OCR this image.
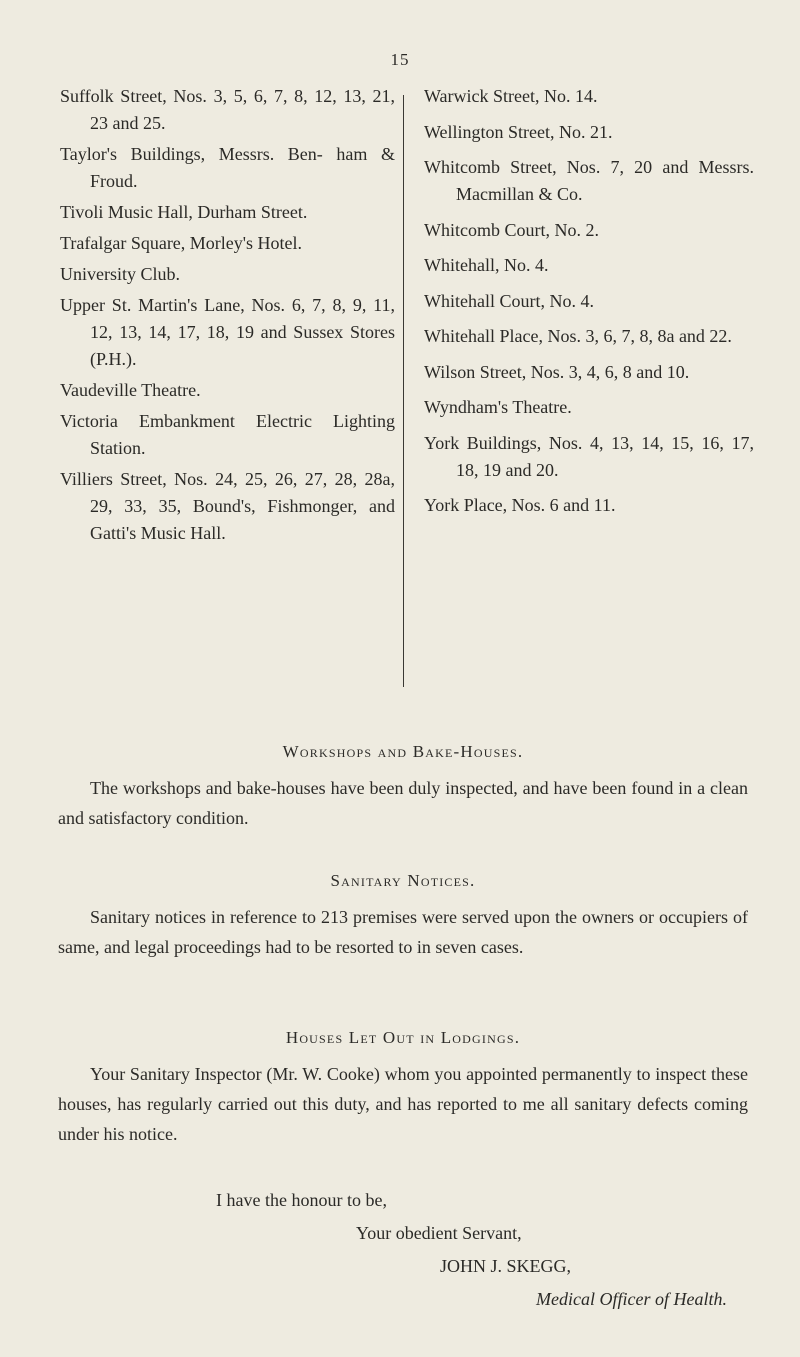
15
Suffolk Street, Nos. 3, 5, 6, 7, 8, 12, 13, 21, 23 and 25.
Taylor's Buildings, Messrs. Ben- ham & Froud.
Tivoli Music Hall, Durham Street.
Trafalgar Square, Morley's Hotel.
University Club.
Upper St. Martin's Lane, Nos. 6, 7, 8, 9, 11, 12, 13, 14, 17, 18, 19 and Sussex Stores (P.H.).
Vaudeville Theatre.
Victoria Embankment Electric Lighting Station.
Villiers Street, Nos. 24, 25, 26, 27, 28, 28a, 29, 33, 35, Bound's, Fishmonger, and Gatti's Music Hall.
Warwick Street, No. 14.
Wellington Street, No. 21.
Whitcomb Street, Nos. 7, 20 and Messrs. Macmillan & Co.
Whitcomb Court, No. 2.
Whitehall, No. 4.
Whitehall Court, No. 4.
Whitehall Place, Nos. 3, 6, 7, 8, 8a and 22.
Wilson Street, Nos. 3, 4, 6, 8 and 10.
Wyndham's Theatre.
York Buildings, Nos. 4, 13, 14, 15, 16, 17, 18, 19 and 20.
York Place, Nos. 6 and 11.
Workshops and Bake-Houses.

The workshops and bake-houses have been duly inspected, and have been found in a clean and satisfactory condition.

Sanitary Notices.

Sanitary notices in reference to 213 premises were served upon the owners or occupiers of same, and legal proceedings had to be resorted to in seven cases.

Houses Let Out in Lodgings.

Your Sanitary Inspector (Mr. W. Cooke) whom you appointed permanently to inspect these houses, has regularly carried out this duty, and has reported to me all sanitary defects coming under his notice.

I have the honour to be,
Your obedient Servant,
JOHN J. SKEGG,
Medical Officer of Health.
